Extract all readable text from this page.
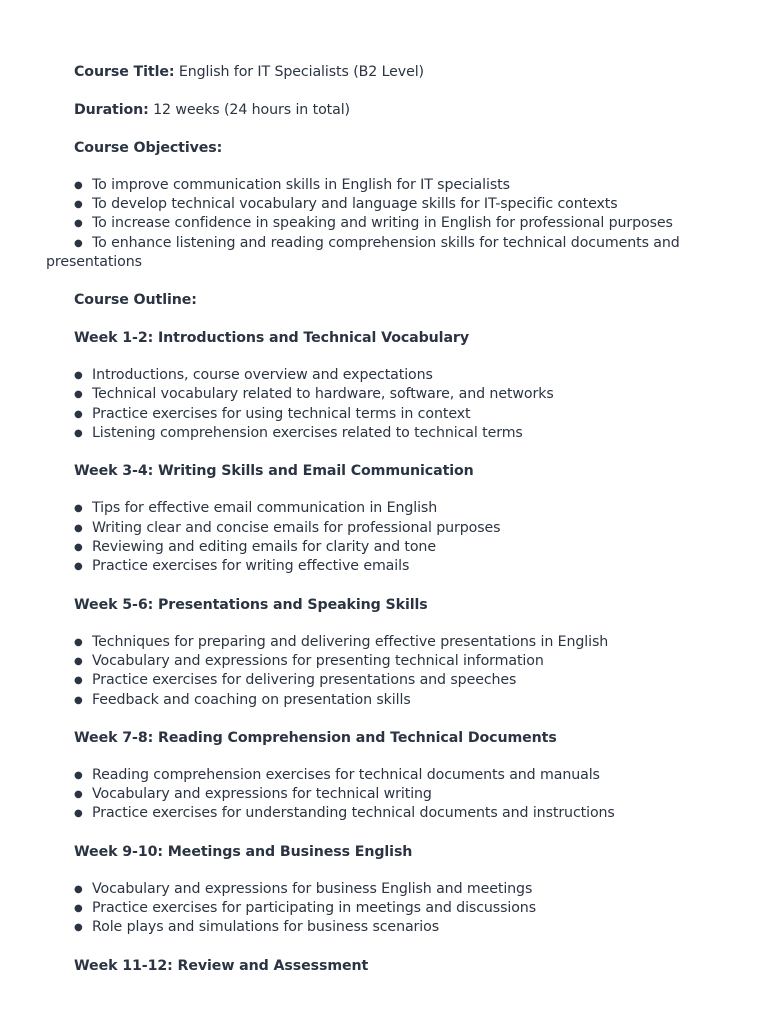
Course Title: English for IT Specialists (B2 Level)
Duration: 12 weeks (24 hours in total)
Course Objectives:
● To improve communication skills in English for IT specialists
● To develop technical vocabulary and language skills for IT-specific contexts
● To increase confidence in speaking and writing in English for professional purposes
● To enhance listening and reading comprehension skills for technical documents and presentations
Course Outline:
Week 1-2: Introductions and Technical Vocabulary
● Introductions, course overview and expectations
● Technical vocabulary related to hardware, software, and networks
● Practice exercises for using technical terms in context
● Listening comprehension exercises related to technical terms
Week 3-4: Writing Skills and Email Communication
● Tips for effective email communication in English
● Writing clear and concise emails for professional purposes
● Reviewing and editing emails for clarity and tone
● Practice exercises for writing effective emails
Week 5-6: Presentations and Speaking Skills
● Techniques for preparing and delivering effective presentations in English
● Vocabulary and expressions for presenting technical information
● Practice exercises for delivering presentations and speeches
● Feedback and coaching on presentation skills
Week 7-8: Reading Comprehension and Technical Documents
● Reading comprehension exercises for technical documents and manuals
● Vocabulary and expressions for technical writing
● Practice exercises for understanding technical documents and instructions
Week 9-10: Meetings and Business English
● Vocabulary and expressions for business English and meetings
● Practice exercises for participating in meetings and discussions
● Role plays and simulations for business scenarios
Week 11-12: Review and Assessment
